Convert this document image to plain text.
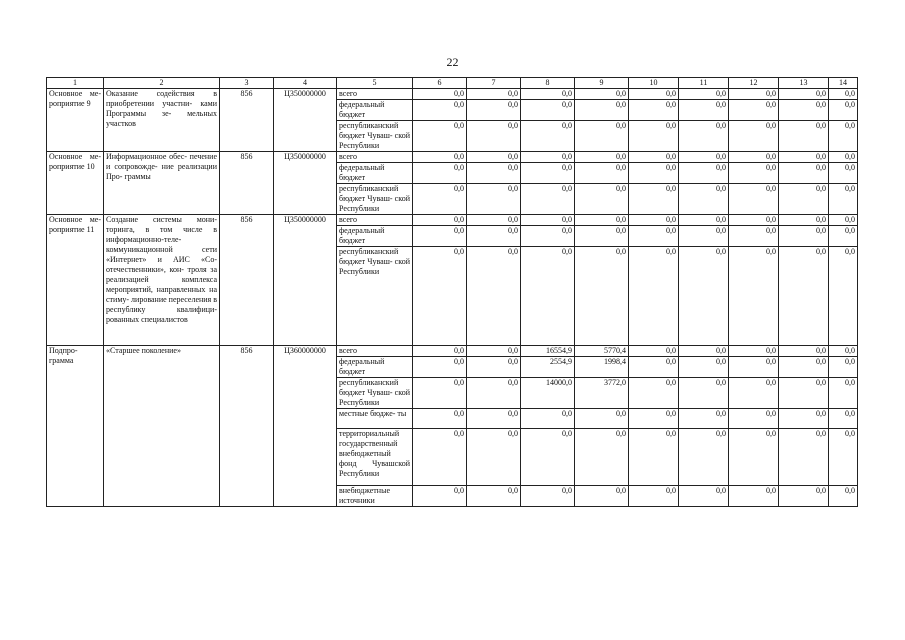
22
1	2	3	4	5	6	7	8	9	10	11	12	13	14
Основное ме- роприятие 9	Оказание содействия в приобретении участни- ками Программы зе- мельных участков	856	Ц350000000	всего	0,0	0,0	0,0	0,0	0,0	0,0	0,0	0,0	0,0
				федеральный бюджет	0,0	0,0	0,0	0,0	0,0	0,0	0,0	0,0	0,0
				республиканский бюджет Чуваш- ской Республики	0,0	0,0	0,0	0,0	0,0	0,0	0,0	0,0	0,0
Основное ме- роприятие 10	Информационное обес- печение и сопровожде- ние реализации Про- граммы	856	Ц350000000	всего	0,0	0,0	0,0	0,0	0,0	0,0	0,0	0,0	0,0
				федеральный бюджет	0,0	0,0	0,0	0,0	0,0	0,0	0,0	0,0	0,0
				республиканский бюджет Чуваш- ской Республики	0,0	0,0	0,0	0,0	0,0	0,0	0,0	0,0	0,0
Основное ме- роприятие 11	Создание системы мони- торинга, в том числе в информационно-теле- коммуникационной сети «Интернет» и АИС «Со- отечественники», кон- троля за реализацией комплекса мероприятий, направленных на стиму- лирование переселения в республику квалифици- рованных специалистов	856	Ц350000000	всего	0,0	0,0	0,0	0,0	0,0	0,0	0,0	0,0	0,0
				федеральный бюджет	0,0	0,0	0,0	0,0	0,0	0,0	0,0	0,0	0,0
				республиканский бюджет Чуваш- ской Республики	0,0	0,0	0,0	0,0	0,0	0,0	0,0	0,0	0,0
Подпро- грамма	«Старшее поколение»	856	Ц360000000	всего	0,0	0,0	16554,9	5770,4	0,0	0,0	0,0	0,0	0,0
				федеральный бюджет	0,0	0,0	2554,9	1998,4	0,0	0,0	0,0	0,0	0,0
				республиканский бюджет Чуваш- ской Республики	0,0	0,0	14000,0	3772,0	0,0	0,0	0,0	0,0	0,0
				местные бюдже- ты	0,0	0,0	0,0	0,0	0,0	0,0	0,0	0,0	0,0
				территориальный государственный внебюджетный фонд Чувашской Республики	0,0	0,0	0,0	0,0	0,0	0,0	0,0	0,0	0,0
				внебюджетные источники	0,0	0,0	0,0	0,0	0,0	0,0	0,0	0,0	0,0
